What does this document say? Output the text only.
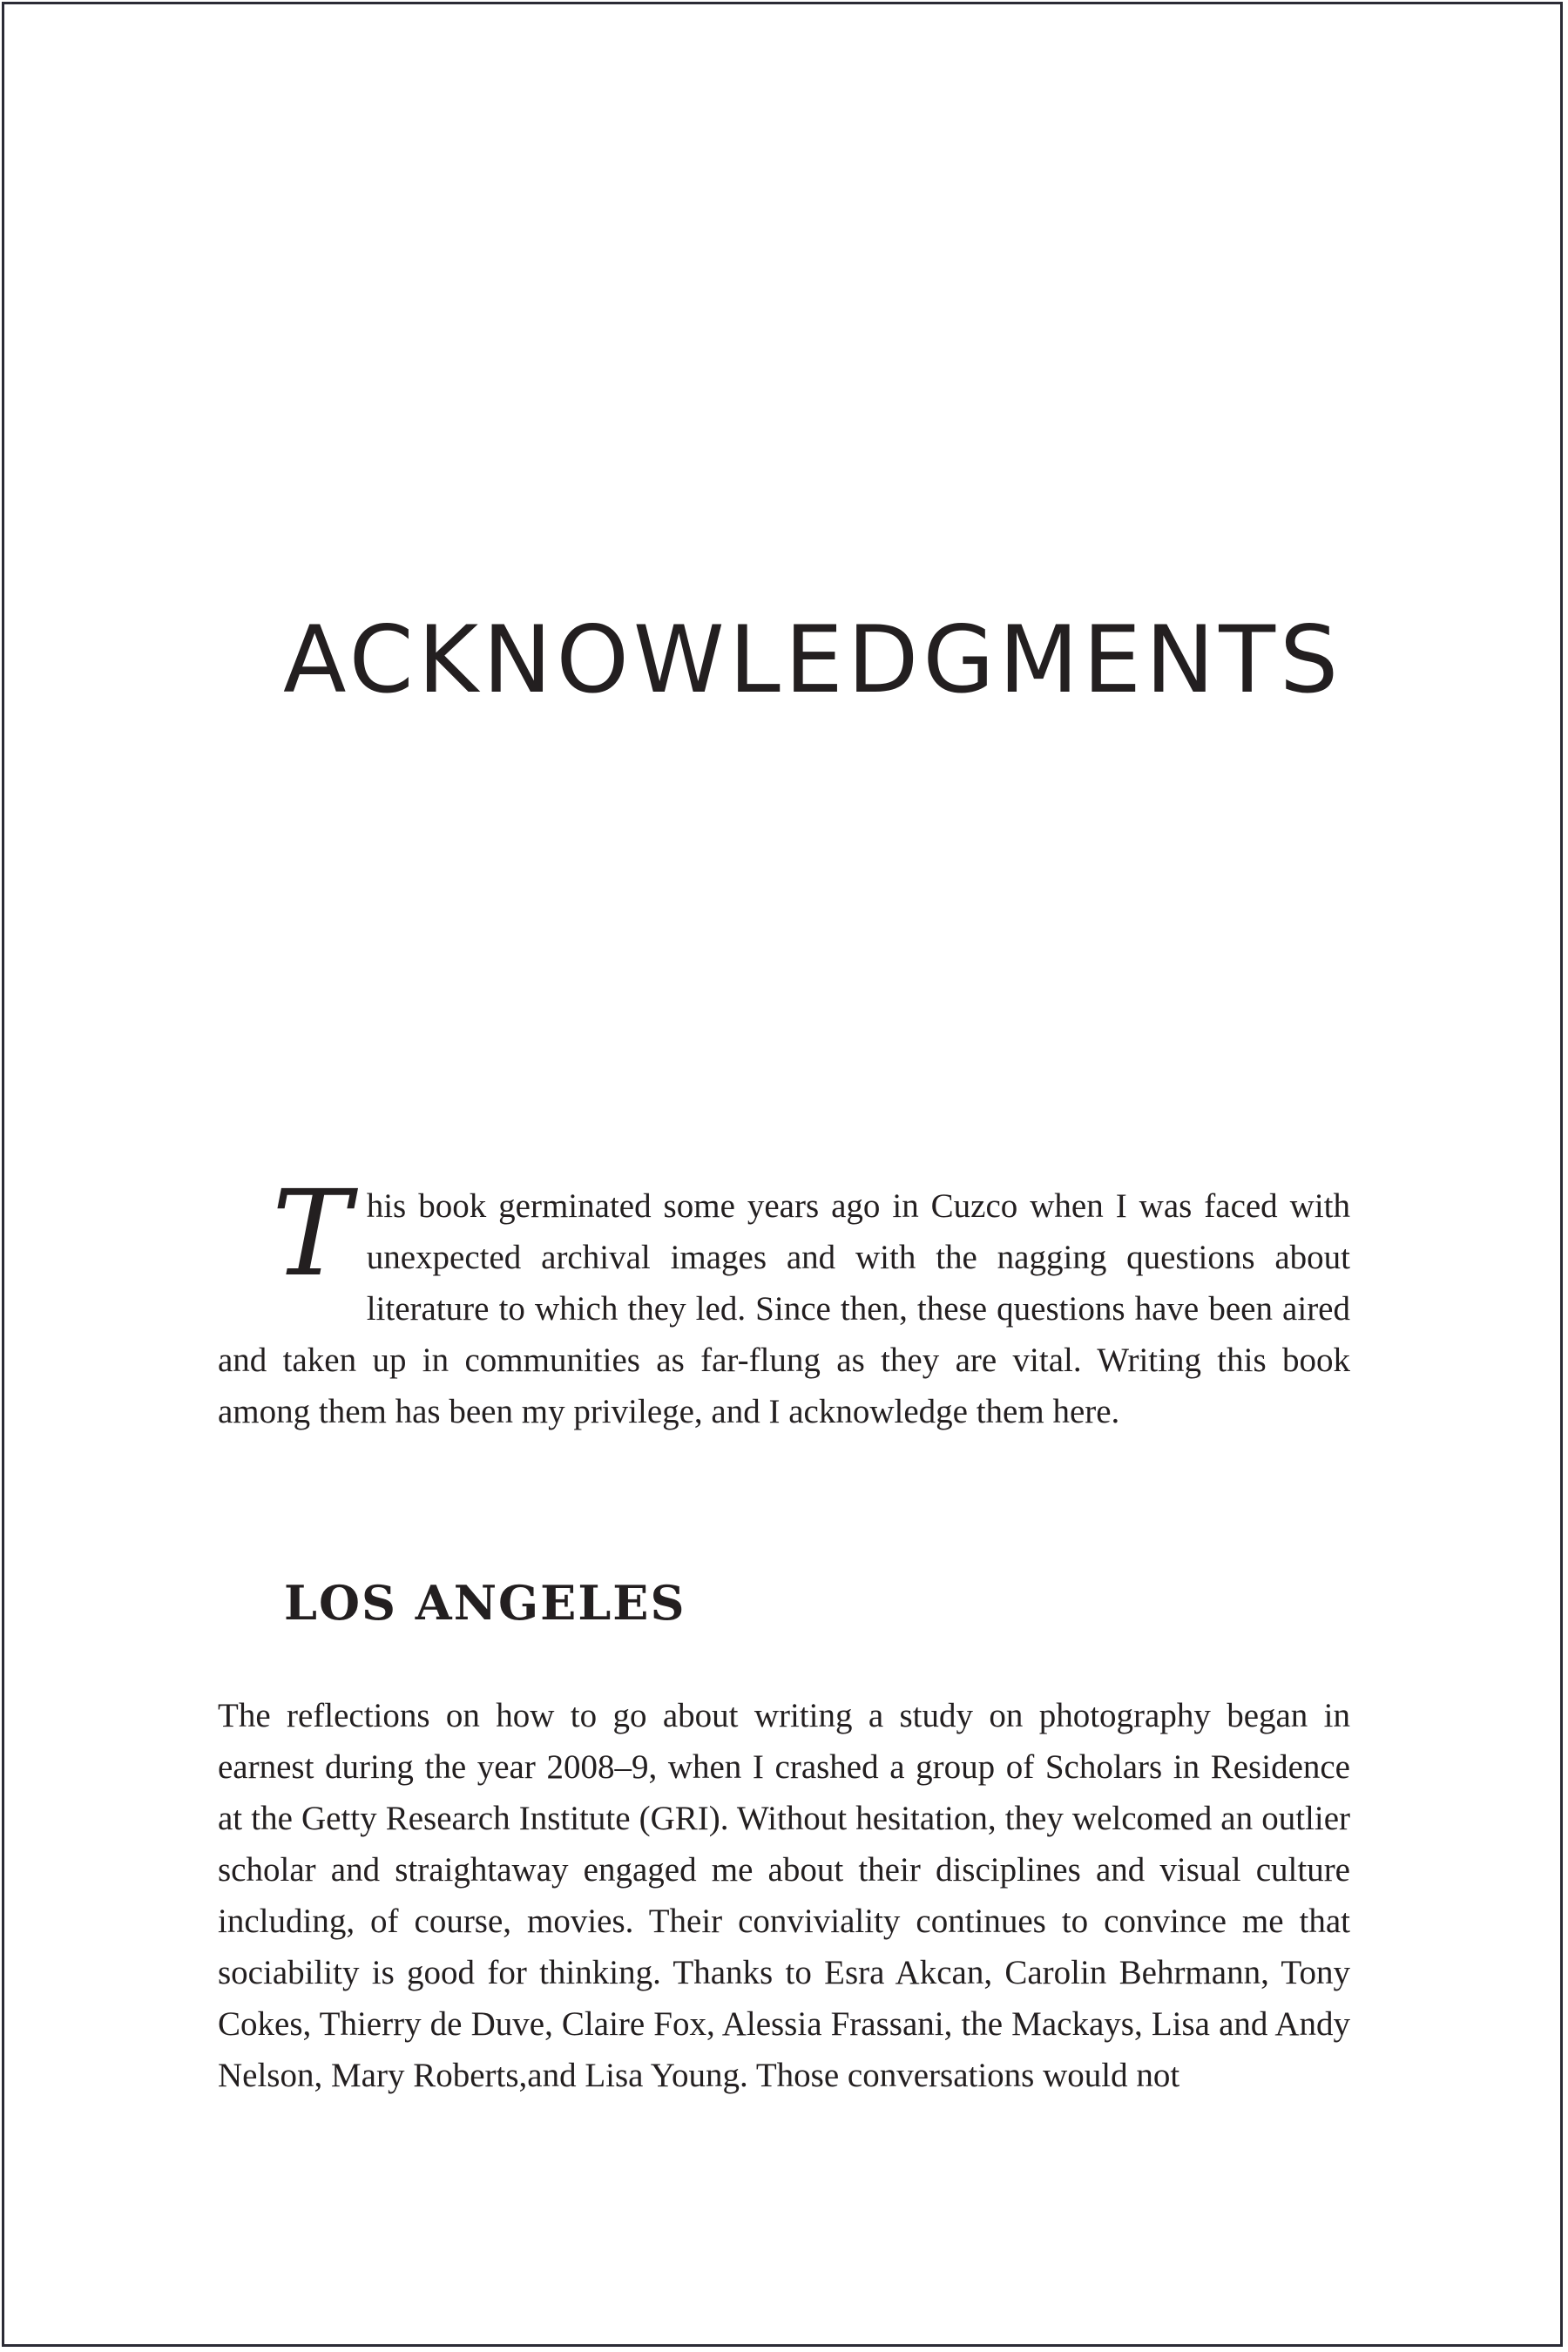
ACKNOWLEDGMENTS
This book germinated some years ago in Cuzco when I was faced with unexpected archival images and with the nagging questions about literature to which they led. Since then, these questions have been aired and taken up in communities as far-flung as they are vital. Writing this book among them has been my privilege, and I acknowledge them here.
LOS ANGELES
The reflections on how to go about writing a study on photography began in earnest during the year 2008–9, when I crashed a group of Scholars in Residence at the Getty Research Institute (GRI). Without hesitation, they welcomed an outlier scholar and straightaway engaged me about their disciplines and visual culture including, of course, movies. Their conviviality continues to convince me that sociability is good for thinking. Thanks to Esra Akcan, Carolin Behrmann, Tony Cokes, Thierry de Duve, Claire Fox, Alessia Frassani, the Mackays, Lisa and Andy Nelson, Mary Roberts,and Lisa Young. Those conversations would not
